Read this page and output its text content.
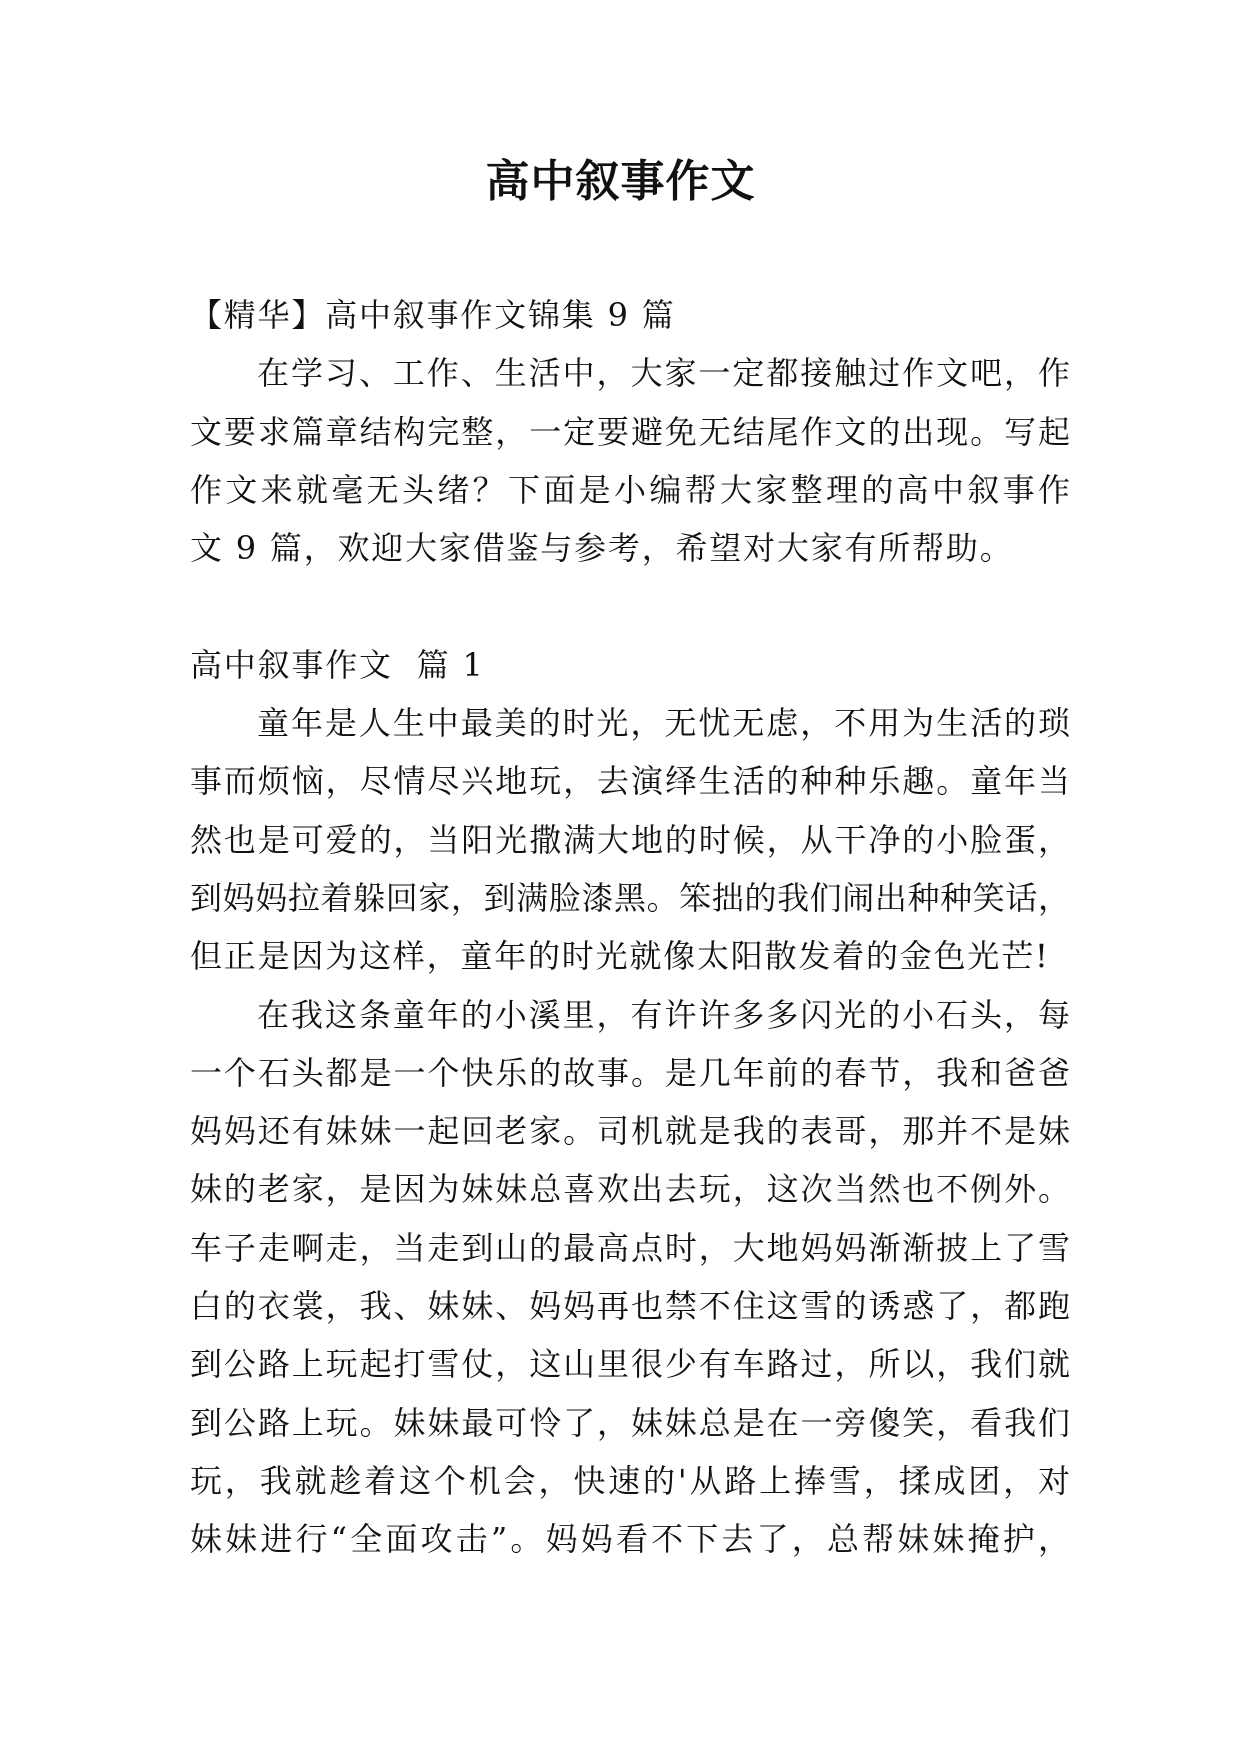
高中叙事作文
【精华】高中叙事作文锦集 9 篇
在学习、工作、生活中，大家一定都接触过作文吧，作
文要求篇章结构完整，一定要避免无结尾作文的出现。写起
作文来就毫无头绪？下面是小编帮大家整理的高中叙事作
文 9 篇，欢迎大家借鉴与参考，希望对大家有所帮助。
高中叙事作文  篇 1
童年是人生中最美的时光，无忧无虑，不用为生活的琐
事而烦恼，尽情尽兴地玩，去演绎生活的种种乐趣。童年当
然也是可爱的，当阳光撒满大地的时候，从干净的小脸蛋，
到妈妈拉着躲回家，到满脸漆黑。笨拙的我们闹出种种笑话，
但正是因为这样，童年的时光就像太阳散发着的金色光芒!
在我这条童年的小溪里，有许许多多闪光的小石头，每
一个石头都是一个快乐的故事。是几年前的春节，我和爸爸
妈妈还有妹妹一起回老家。司机就是我的表哥，那并不是妹
妹的老家，是因为妹妹总喜欢出去玩，这次当然也不例外。
车子走啊走，当走到山的最高点时，大地妈妈渐渐披上了雪
白的衣裳，我、妹妹、妈妈再也禁不住这雪的诱惑了，都跑
到公路上玩起打雪仗，这山里很少有车路过，所以，我们就
到公路上玩。妹妹最可怜了，妹妹总是在一旁傻笑，看我们
玩，我就趁着这个机会，快速的'从路上捧雪，揉成团，对
妹妹进行“全面攻击”。妈妈看不下去了，总帮妹妹掩护，
